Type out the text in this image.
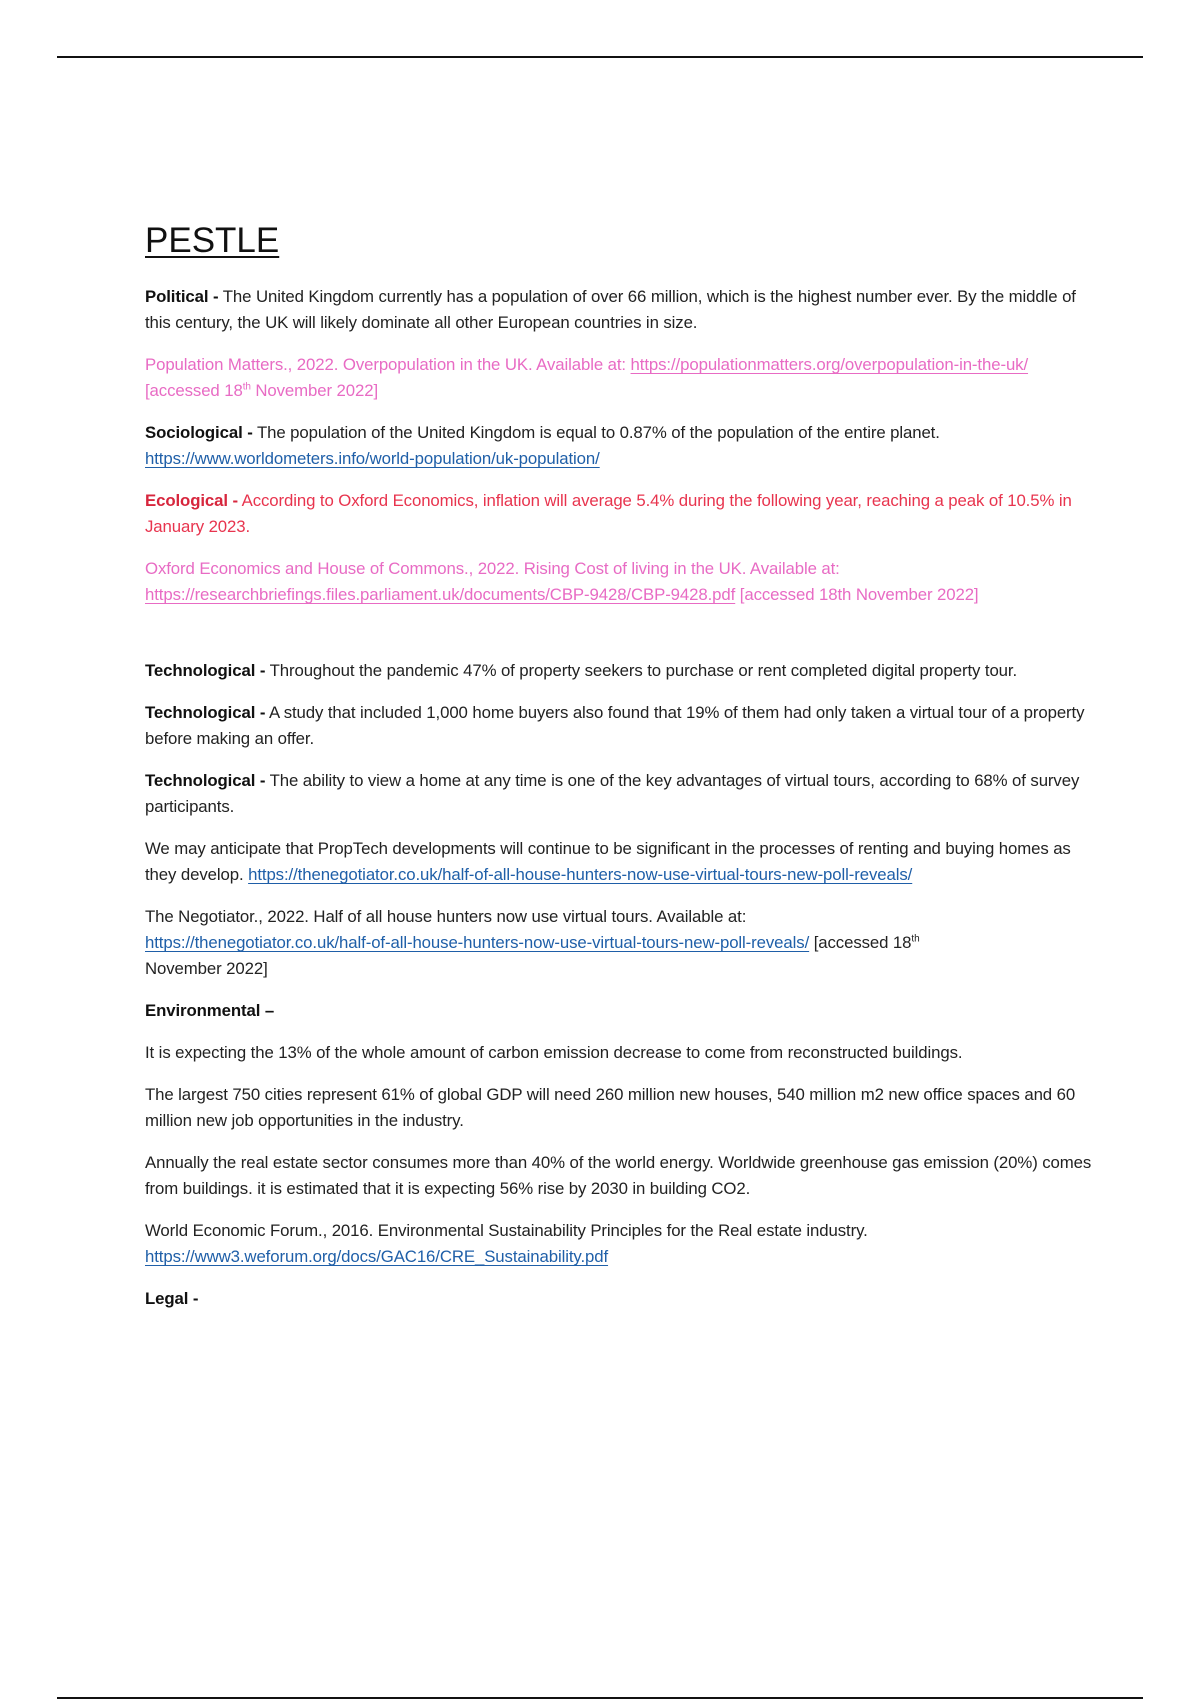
PESTLE

Political - The United Kingdom currently has a population of over 66 million, which is the highest number ever. By the middle of this century, the UK will likely dominate all other European countries in size.

Population Matters., 2022. Overpopulation in the UK. Available at: https://populationmatters.org/overpopulation-in-the-uk/ [accessed 18th November 2022]

Sociological - The population of the United Kingdom is equal to 0.87% of the population of the entire planet.
https://www.worldometers.info/world-population/uk-population/

Ecological - According to Oxford Economics, inflation will average 5.4% during the following year, reaching a peak of 10.5% in January 2023.

Oxford Economics and House of Commons., 2022. Rising Cost of living in the UK. Available at:
https://researchbriefings.files.parliament.uk/documents/CBP-9428/CBP-9428.pdf [accessed 18th November 2022]

Technological - Throughout the pandemic 47% of property seekers to purchase or rent completed digital property tour.

Technological - A study that included 1,000 home buyers also found that 19% of them had only taken a virtual tour of a property before making an offer.

Technological - The ability to view a home at any time is one of the key advantages of virtual tours, according to 68% of survey participants.

We may anticipate that PropTech developments will continue to be significant in the processes of renting and buying homes as they develop. https://thenegotiator.co.uk/half-of-all-house-hunters-now-use-virtual-tours-new-poll-reveals/

The Negotiator., 2022. Half of all house hunters now use virtual tours. Available at:
https://thenegotiator.co.uk/half-of-all-house-hunters-now-use-virtual-tours-new-poll-reveals/ [accessed 18th
November 2022]

Environmental –

It is expecting the 13% of the whole amount of carbon emission decrease to come from reconstructed buildings.

The largest 750 cities represent 61% of global GDP will need 260 million new houses, 540 million m2 new office spaces and 60 million new job opportunities in the industry.

Annually the real estate sector consumes more than 40% of the world energy. Worldwide greenhouse gas emission (20%) comes from buildings. it is estimated that it is expecting 56% rise by 2030 in building CO2.

World Economic Forum., 2016. Environmental Sustainability Principles for the Real estate industry.
https://www3.weforum.org/docs/GAC16/CRE_Sustainability.pdf

Legal -
